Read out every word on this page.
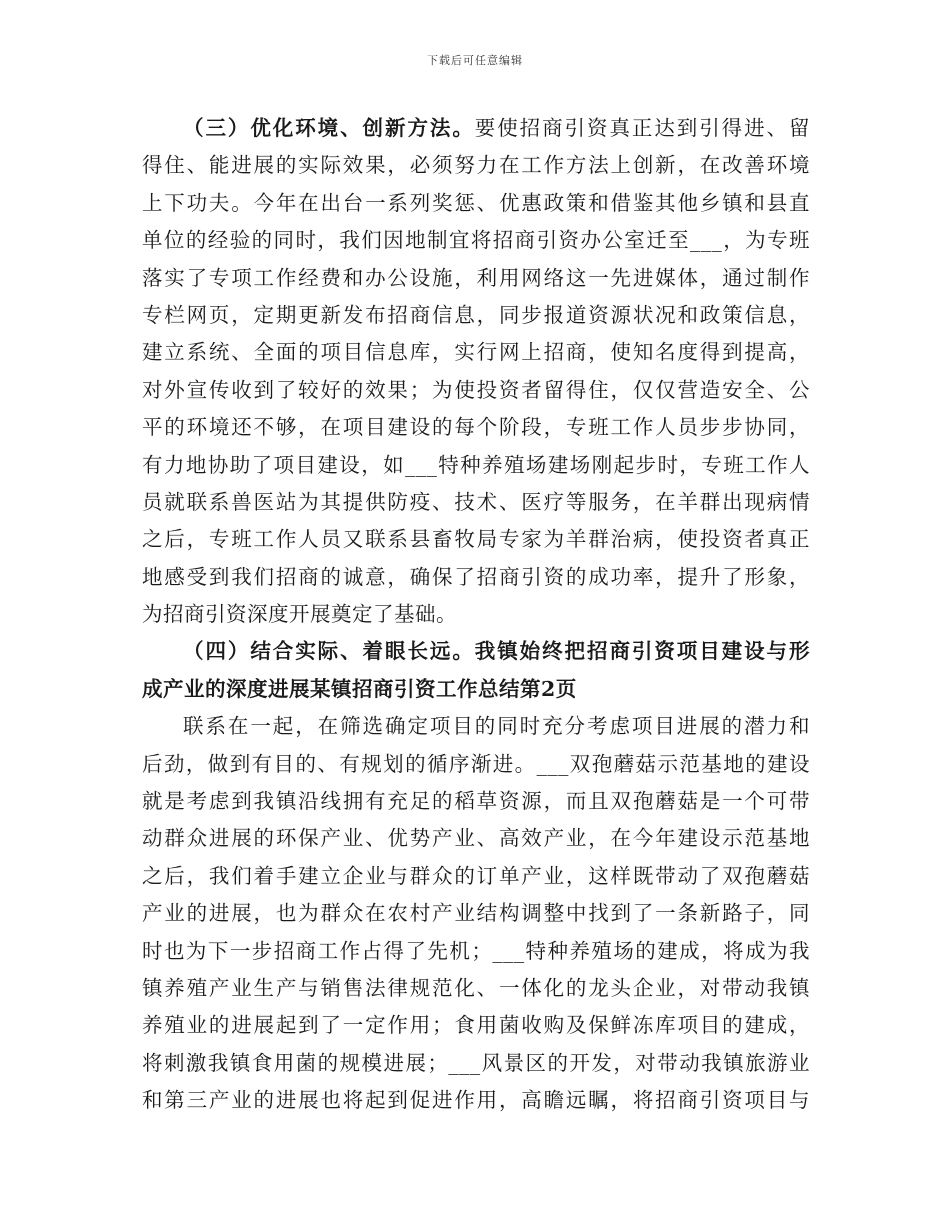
下载后可任意编辑
（三）优化环境、创新方法。要使招商引资真正达到引得进、留
得住、能进展的实际效果，必须努力在工作方法上创新，在改善环境
上下功夫。今年在出台一系列奖惩、优惠政策和借鉴其他乡镇和县直
单位的经验的同时，我们因地制宜将招商引资办公室迁至___，为专班
落实了专项工作经费和办公设施，利用网络这一先进媒体，通过制作
专栏网页，定期更新发布招商信息，同步报道资源状况和政策信息，
建立系统、全面的项目信息库，实行网上招商，使知名度得到提高，
对外宣传收到了较好的效果；为使投资者留得住，仅仅营造安全、公
平的环境还不够，在项目建设的每个阶段，专班工作人员步步协同，
有力地协助了项目建设，如___特种养殖场建场刚起步时，专班工作人
员就联系兽医站为其提供防疫、技术、医疗等服务，在羊群出现病情
之后，专班工作人员又联系县畜牧局专家为羊群治病，使投资者真正
地感受到我们招商的诚意，确保了招商引资的成功率，提升了形象，
为招商引资深度开展奠定了基础。
（四）结合实际、着眼长远。我镇始终把招商引资项目建设与形
成产业的深度进展某镇招商引资工作总结第2页
联系在一起，在筛选确定项目的同时充分考虑项目进展的潜力和
后劲，做到有目的、有规划的循序渐进。___双孢蘑菇示范基地的建设
就是考虑到我镇沿线拥有充足的稻草资源，而且双孢蘑菇是一个可带
动群众进展的环保产业、优势产业、高效产业，在今年建设示范基地
之后，我们着手建立企业与群众的订单产业，这样既带动了双孢蘑菇
产业的进展，也为群众在农村产业结构调整中找到了一条新路子，同
时也为下一步招商工作占得了先机；___特种养殖场的建成，将成为我
镇养殖产业生产与销售法律规范化、一体化的龙头企业，对带动我镇
养殖业的进展起到了一定作用；食用菌收购及保鲜冻库项目的建成，
将刺激我镇食用菌的规模进展；___风景区的开发，对带动我镇旅游业
和第三产业的进展也将起到促进作用，高瞻远瞩，将招商引资项目与
